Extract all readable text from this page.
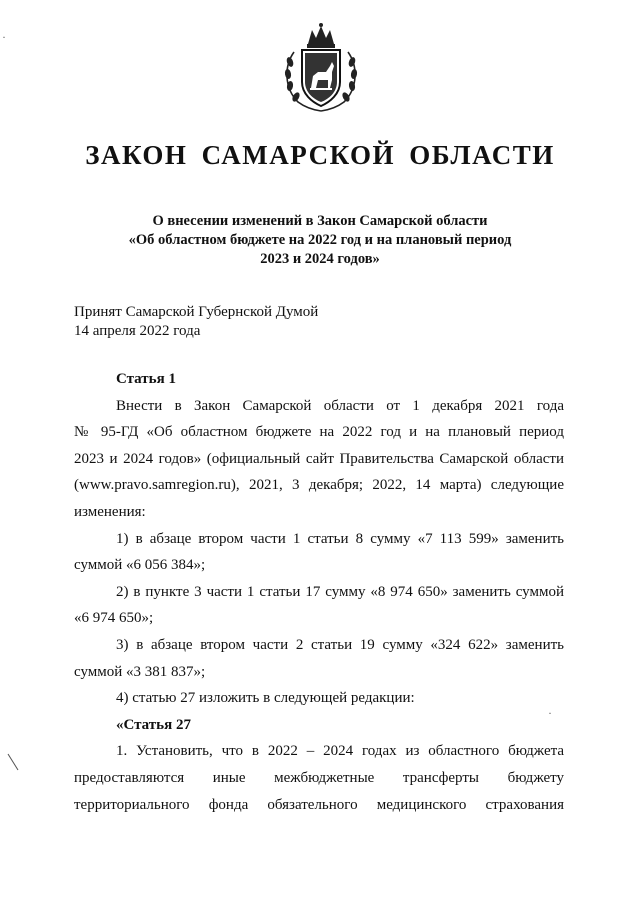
ЗАКОН САМАРСКОЙ ОБЛАСТИ
О внесении изменений в Закон Самарской области
«Об областном бюджете на 2022 год и на плановый период
2023 и 2024 годов»
Принят Самарской Губернской Думой
14 апреля 2022 года
Статья 1
Внести в Закон Самарской области от 1 декабря 2021 года
№ 95-ГД «Об областном бюджете на 2022 год и на плановый период
2023 и 2024 годов» (официальный сайт Правительства Самарской области
(www.pravo.samregion.ru), 2021, 3 декабря; 2022, 14 марта) следующие
изменения:
1) в абзаце втором части 1 статьи 8 сумму «7 113 599» заменить
суммой «6 056 384»;
2) в пункте 3 части 1 статьи 17 сумму «8 974 650» заменить суммой
«6 974 650»;
3) в абзаце втором части 2 статьи 19 сумму «324 622» заменить
суммой «3 381 837»;
4) статью 27 изложить в следующей редакции:
«Статья 27
1. Установить, что в 2022 – 2024 годах из областного бюджета
предоставляются иные межбюджетные трансферты бюджету
территориального фонда обязательного медицинского страхования
·
·
